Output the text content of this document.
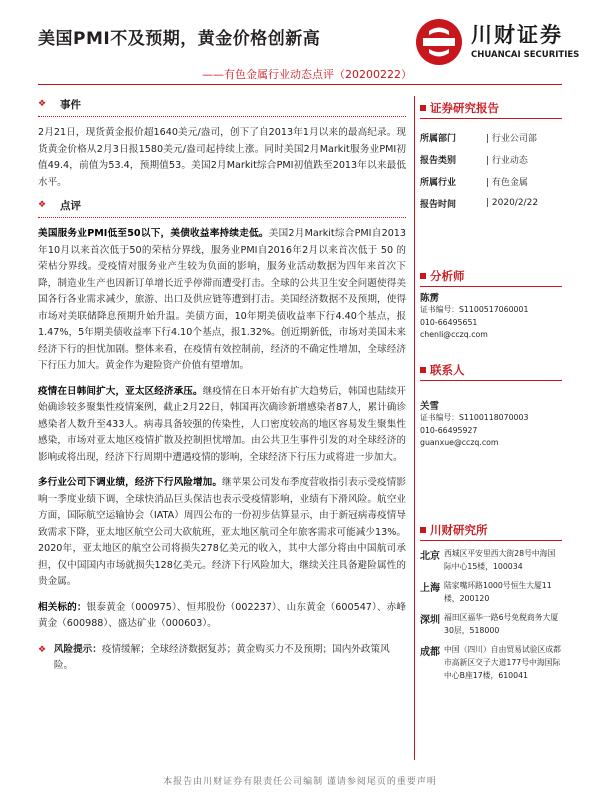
美国PMI不及预期，黄金价格创新高	川财证券
CHUANCAI SECURITIES
——有色金属行业动态点评（20200222）
❖	事件

2月21日，现货黄金报价超1640美元/盎司，创下了自2013年1月以来的最高纪录。现货黄金价格从2月3日报1580美元/盎司起持续上涨。同时美国2月Markit服务业PMI初值49.4，前值为53.4，预期值53。美国2月Markit综合PMI初值跌至2013年以来最低水平。

❖	点评

美国服务业PMI低至50以下，美债收益率持续走低。美国2月Markit综合PMI自2013年10月以来首次低于50的荣枯分界线，服务业PMI自2016年2月以来首次低于 50 的荣枯分界线。受疫情对服务业产生较为负面的影响，服务业活动数据为四年来首次下降，制造业生产也因新订单增长近乎停滞而遭受打击。全球的公共卫生安全问题使得美国各行各业需求减少，旅游、出口及供应链等遭到打击。美国经济数据不及预期，使得市场对美联储降息预期升始升温。美债方面，10年期美债收益率下行4.40个基点，报1.47%，5年期美债收益率下行4.10个基点，报1.32%。创近期新低，市场对美国未来经济下行的担忧加剧。整体来看，在疫情有效控制前，经济的不确定性增加，全球经济下行压力加大。黄金作为避险资产价值有望增加。

疫情在日韩间扩大，亚太区经济承压。继疫情在日本开始有扩大趋势后，韩国也陆续开始确诊较多聚集性疫情案例，截止2月22日，韩国再次确诊新增感染者87人，累计确诊感染者人数升至433人。病毒具备较强的传染性，人口密度较高的地区容易发生聚集性感染，市场对亚太地区疫情扩散及控制担忧增加。由公共卫生事件引发的对全球经济的影响或将出现，经济下行周期中遭遇疫情的影响，全球经济下行压力或将进一步加大。

多行业公司下调业绩，经济下行风险增加。继苹果公司发布季度营收指引表示受疫情影响一季度业绩下调，全球快消品巨头保洁也表示受疫情影响，业绩有下滑风险。航空业方面，国际航空运输协会（IATA）周四公布的一份初步估算显示，由于新冠病毒疫情导致需求下降，亚太地区航空公司大砍航班，亚太地区航司全年旅客需求可能减少13%。2020年，亚太地区的航空公司将损失278亿美元的收入，其中大部分将由中国航司承担，仅中国国内市场就损失128亿美元。经济下行风险加大，继续关注具备避险属性的贵金属。

相关标的：银泰黄金（000975）、恒邦股份（002237）、山东黄金（600547）、赤峰黄金（600988）、盛达矿业（000603）。

❖ 风险提示：疫情缓解；全球经济数据复苏；黄金购买力不及预期；国内外政策风险。
证券研究报告
所属部门	| 行业公司部
报告类别	| 行业动态
所属行业	| 有色金属
报告时间	| 2020/2/22
分析师
陈雳
证书编号：S1100517060001
010-66495651
chenli@cczq.com
联系人
关雪
证书编号：S1100118070003
010-66495927
guanxue@cczq.com
川财研究所
北京 西城区平安里西大街28号中海国际中心15楼，100034
上海 陆家嘴环路1000号恒生大厦11楼，200120
深圳 福田区福华一路6号免税商务大厦30层，518000
成都 中国（四川）自由贸易试验区成都市高新区交子大道177号中海国际中心B座17楼，610041
本报告由川财证券有限责任公司编制 谨请参阅尾页的重要声明
